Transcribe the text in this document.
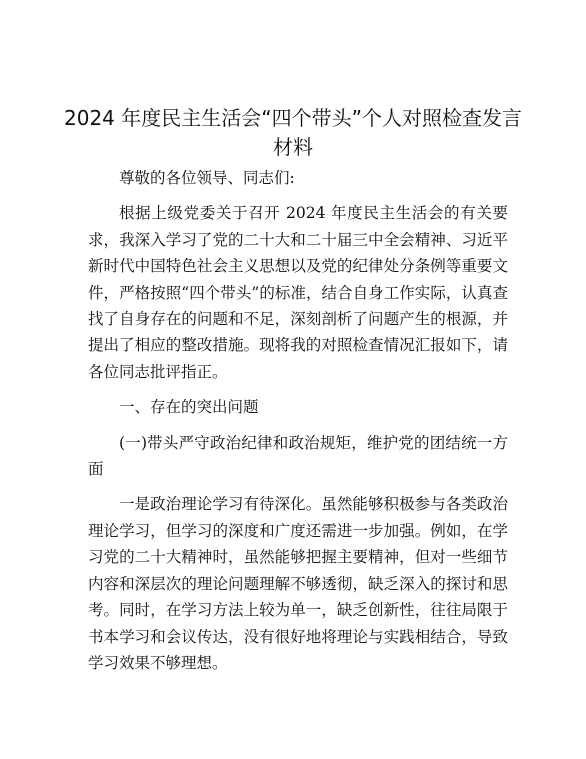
2024 年度民主生活会“四个带头”个人对照检查发言材料

尊敬的各位领导、同志们:

根据上级党委关于召开 2024 年度民主生活会的有关要求，我深入学习了党的二十大和二十届三中全会精神、习近平新时代中国特色社会主义思想以及党的纪律处分条例等重要文件，严格按照“四个带头”的标准，结合自身工作实际，认真查找了自身存在的问题和不足，深刻剖析了问题产生的根源，并提出了相应的整改措施。现将我的对照检查情况汇报如下，请各位同志批评指正。

一、存在的突出问题

(一)带头严守政治纪律和政治规矩，维护党的团结统一方面

一是政治理论学习有待深化。虽然能够积极参与各类政治理论学习，但学习的深度和广度还需进一步加强。例如，在学习党的二十大精神时，虽然能够把握主要精神，但对一些细节内容和深层次的理论问题理解不够透彻，缺乏深入的探讨和思考。同时，在学习方法上较为单一，缺乏创新性，往往局限于书本学习和会议传达，没有很好地将理论与实践相结合，导致学习效果不够理想。
